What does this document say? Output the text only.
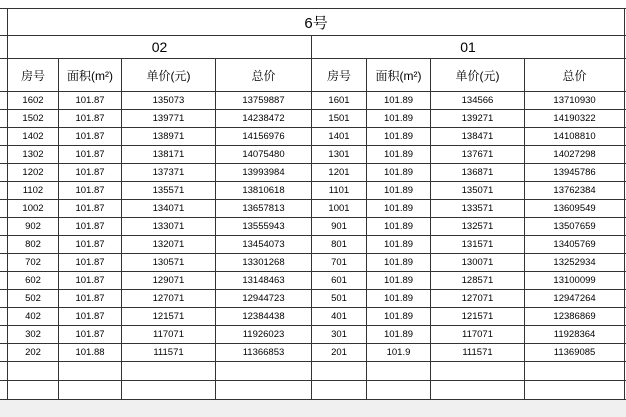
	6号								
	02				01				
	房号	面积(m²)	单价(元)	总价	房号	面积(m²)	单价(元)	总价	
	1602	101.87	135073	13759887	1601	101.89	134566	13710930	
	1502	101.87	139771	14238472	1501	101.89	139271	14190322	
	1402	101.87	138971	14156976	1401	101.89	138471	14108810	
	1302	101.87	138171	14075480	1301	101.89	137671	14027298	
	1202	101.87	137371	13993984	1201	101.89	136871	13945786	
	1102	101.87	135571	13810618	1101	101.89	135071	13762384	
	1002	101.87	134071	13657813	1001	101.89	133571	13609549	
	902	101.87	133071	13555943	901	101.89	132571	13507659	
	802	101.87	132071	13454073	801	101.89	131571	13405769	
	702	101.87	130571	13301268	701	101.89	130071	13252934	
	602	101.87	129071	13148463	601	101.89	128571	13100099	
	502	101.87	127071	12944723	501	101.89	127071	12947264	
	402	101.87	121571	12384438	401	101.89	121571	12386869	
	302	101.87	117071	11926023	301	101.89	117071	11928364	
	202	101.88	111571	11366853	201	101.9	111571	11369085	
